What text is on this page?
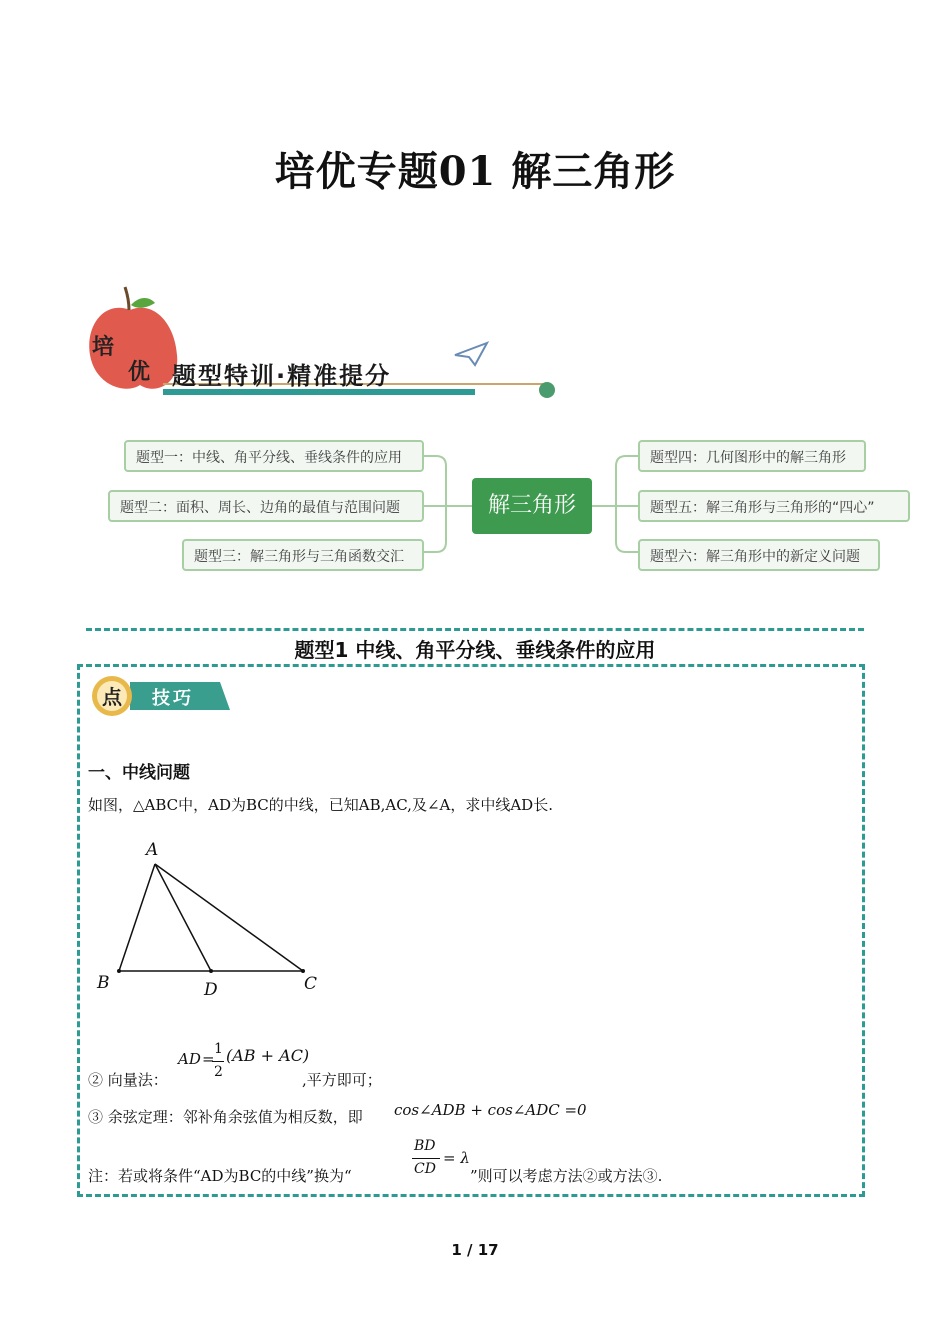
培优专题01 解三角形
培
优 题型特训·精准提分
题型一：中线、角平分线、垂线条件的应用
题型二：面积、周长、边角的最值与范围问题
题型三：解三角形与三角函数交汇
解三角形
题型四：几何图形中的解三角形
题型五：解三角形与三角形的“四心”
题型六：解三角形中的新定义问题
题型1 中线、角平分线、垂线条件的应用
点 技巧
一、中线问题
如图，△ABC中，AD为BC的中线，已知AB,AC,及∠A，求中线AD长.
A
B	D	C
② 向量法：
AD =
1
2
(AB + AC)
,平方即可；
③ 余弦定理：邻补角余弦值为相反数，即 cos∠ADB + cos∠ADC =0
注：若或将条件“AD为BC的中线”换为“
BD
CD
= λ
”则可以考虑方法②或方法③.
1 / 17
